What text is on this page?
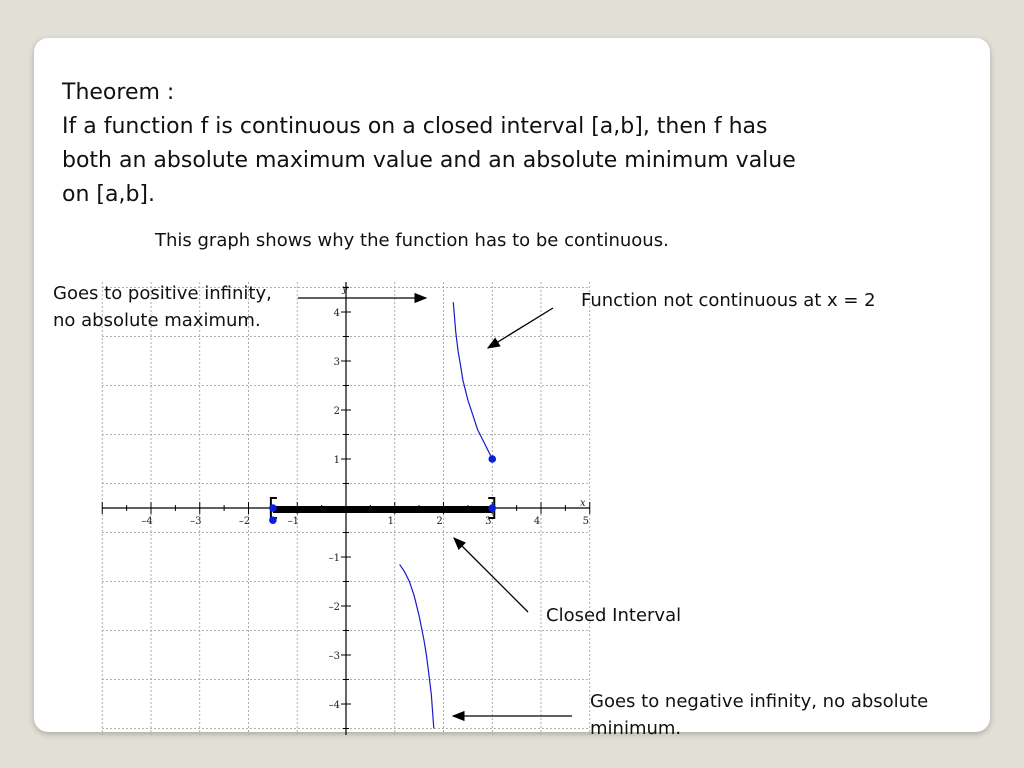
Theorem :
If a function f is continuous on a closed interval [a,b], then f has
both an absolute maximum value and an absolute minimum value
on [a,b].
This graph shows why the function has to be continuous.
x
y
–4	–3	–2	–1	1	2	3	4	5
4
3
2
1
–1
–2
–3
–4
Goes to positive infinity, no absolute maximum.
Function not continuous at x = 2
Closed Interval
Goes to negative infinity, no absolute minimum.
